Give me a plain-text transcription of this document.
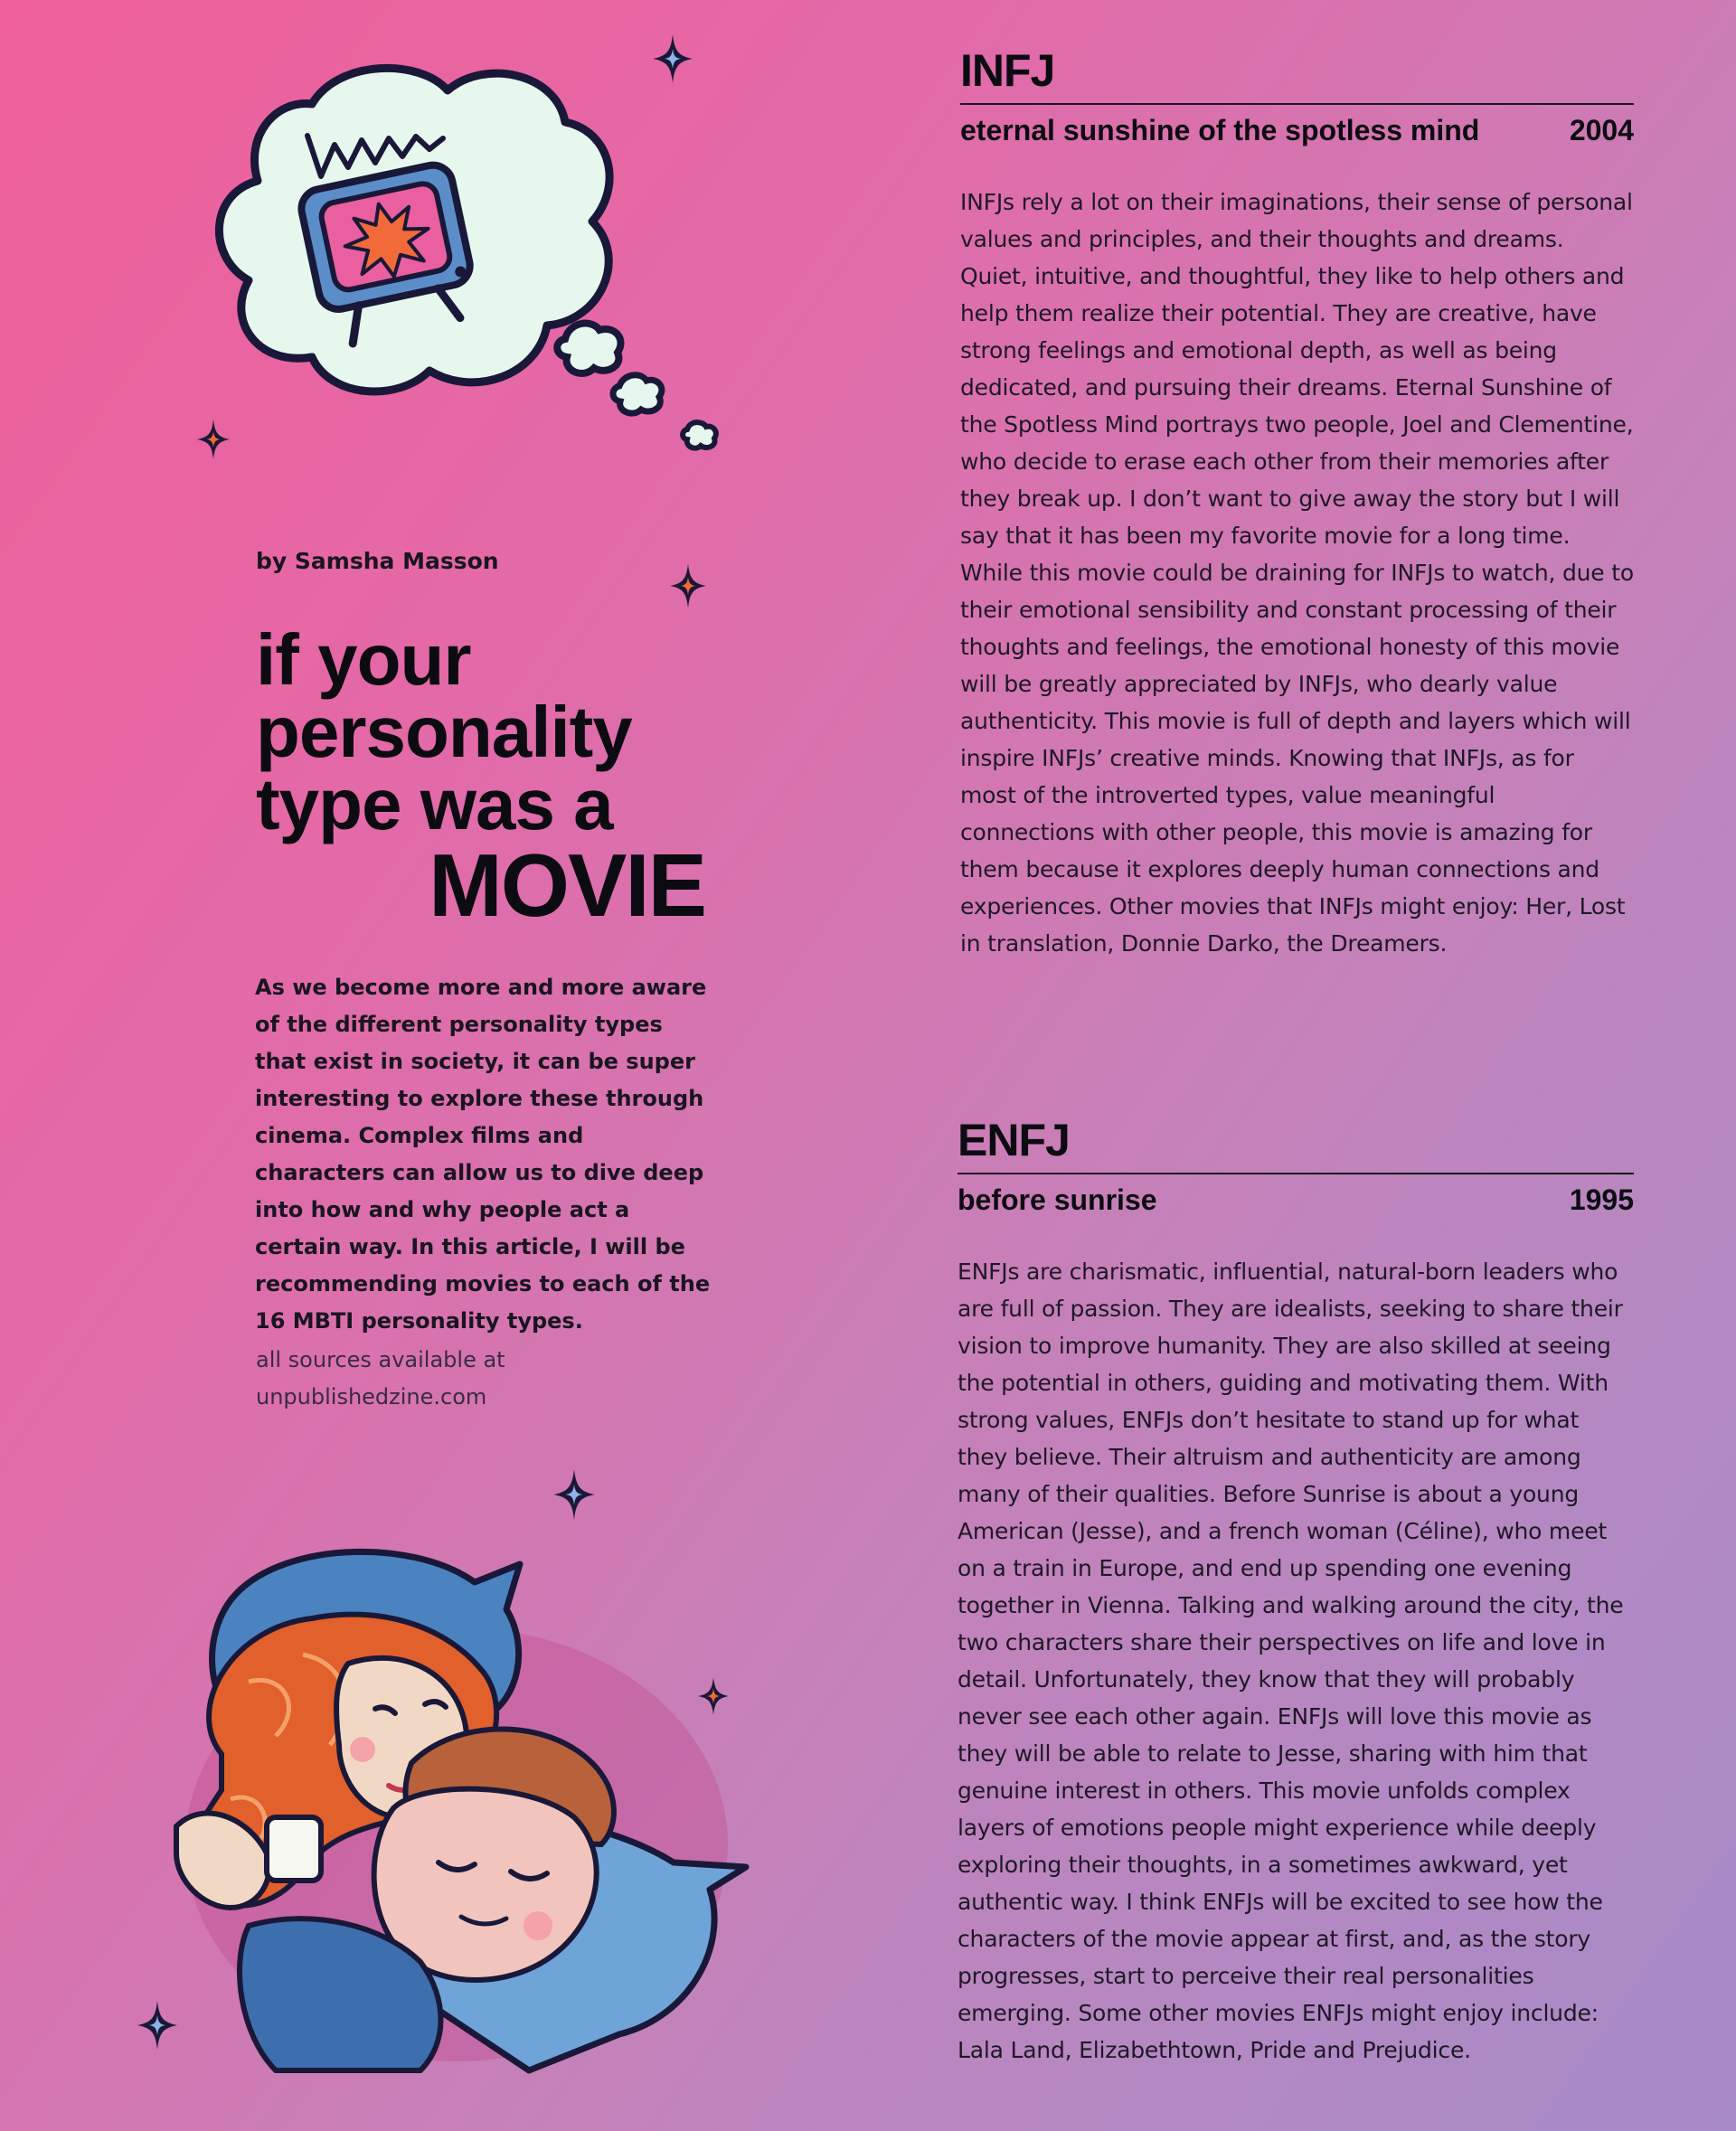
by Samsha Masson
if your
personality
type was a
MOVIE

As we become more and more aware of the different personality types that exist in society, it can be super interesting to explore these through cinema. Complex films and characters can allow us to dive deep into how and why people act a certain way. In this article, I will be recommending movies to each of the 16 MBTI personality types.

all sources available at
unpublishedzine.com
INFJ
eternal sunshine of the spotless mind	2004

INFJs rely a lot on their imaginations, their sense of personal values and principles, and their thoughts and dreams. Quiet, intuitive, and thoughtful, they like to help others and help them realize their potential. They are creative, have strong feelings and emotional depth, as well as being dedicated, and pursuing their dreams. Eternal Sunshine of the Spotless Mind portrays two people, Joel and Clementine, who decide to erase each other from their memories after they break up. I don’t want to give away the story but I will say that it has been my favorite movie for a long time. While this movie could be draining for INFJs to watch, due to their emotional sensibility and constant processing of their thoughts and feelings, the emotional honesty of this movie will be greatly appreciated by INFJs, who dearly value authenticity. This movie is full of depth and layers which will inspire INFJs’ creative minds. Knowing that INFJs, as for most of the introverted types, value meaningful connections with other people, this movie is amazing for them because it explores deeply human connections and experiences. Other movies that INFJs might enjoy: Her, Lost in translation, Donnie Darko, the Dreamers.

ENFJ
before sunrise	1995

ENFJs are charismatic, influential, natural-born leaders who are full of passion. They are idealists, seeking to share their vision to improve humanity. They are also skilled at seeing the potential in others, guiding and motivating them. With strong values, ENFJs don’t hesitate to stand up for what they believe. Their altruism and authenticity are among many of their qualities. Before Sunrise is about a young American (Jesse), and a french woman (Céline), who meet on a train in Europe, and end up spending one evening together in Vienna. Talking and walking around the city, the two characters share their perspectives on life and love in detail. Unfortunately, they know that they will probably never see each other again. ENFJs will love this movie as they will be able to relate to Jesse, sharing with him that genuine interest in others. This movie unfolds complex layers of emotions people might experience while deeply exploring their thoughts, in a sometimes awkward, yet authentic way. I think ENFJs will be excited to see how the characters of the movie appear at first, and, as the story progresses, start to perceive their real personalities emerging. Some other movies ENFJs might enjoy include: Lala Land, Elizabethtown, Pride and Prejudice.
